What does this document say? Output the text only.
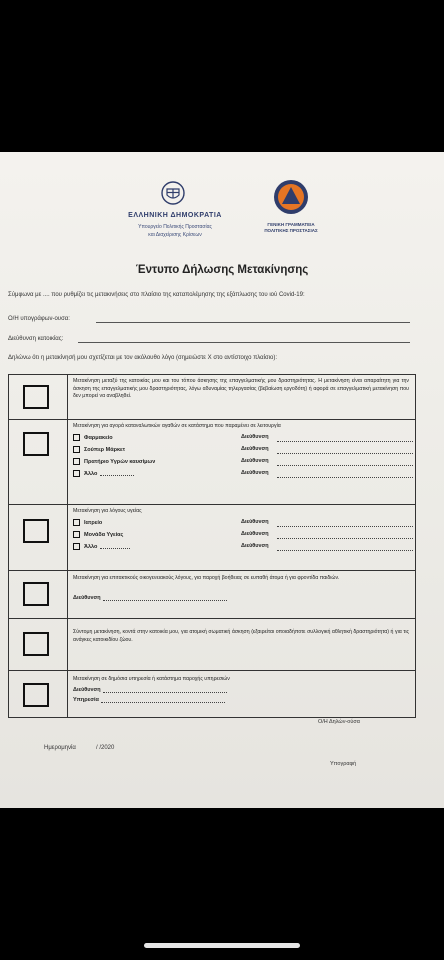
ΕΛΛΗΝΙΚΗ ΔΗΜΟΚΡΑΤΙΑ
Υπουργείο Πολιτικής Προστασίας
και Διαχείρισης Κρίσεων
ΓΕΝΙΚΗ ΓΡΑΜΜΑΤΕΙΑ
ΠΟΛΙΤΙΚΗΣ ΠΡΟΣΤΑΣΙΑΣ
Έντυπο Δήλωσης Μετακίνησης
Σύμφωνα με .... που ρυθμίζει τις μετακινήσεις στο πλαίσιο της καταπολέμησης της εξάπλωσης του ιού Covid-19:
Ο/Η υπογράφων-ουσα:
Διεύθυνση κατοικίας:
Δηλώνω ότι η μετακίνησή μου σχετίζεται με τον ακόλουθο λόγο (σημειώστε Χ στο αντίστοιχο πλαίσιο):
Μετακίνηση μεταξύ της κατοικίας μου και του τόπου άσκησης της επαγγελματικής μου δραστηριότητας. Η μετακίνηση είναι απαραίτητη για την άσκηση της επαγγελματικής μου δραστηριότητας, λόγω αδυναμίας τηλεργασίας (βεβαίωση εργοδότη) ή αφορά σε επαγγελματική μετακίνηση που δεν μπορεί να αναβληθεί.
Μετακίνηση για αγορά καταναλωτικών αγαθών σε κατάστημα που παραμένει σε λειτουργία
Φαρμακείο	Διεύθυνση
Σούπερ Μάρκετ	Διεύθυνση
Πρατήριο Υγρών καυσίμων	Διεύθυνση
Άλλο	Διεύθυνση
Μετακίνηση για λόγους υγείας
Ιατρείο	Διεύθυνση
Μονάδα Υγείας	Διεύθυνση
Άλλο	Διεύθυνση
Μετακίνηση για επιτακτικούς οικογενειακούς λόγους, για παροχή βοήθειας σε ευπαθή άτομα ή για φροντίδα παιδιών.
Διεύθυνση
Σύντομη μετακίνηση, κοντά στην κατοικία μου, για ατομική σωματική άσκηση (εξαιρείται οποιαδήποτε συλλογική αθλητική δραστηριότητα) ή για τις ανάγκες κατοικιδίου ζώου.
Μετακίνηση σε δημόσια υπηρεσία ή κατάστημα παροχής υπηρεσιών
Διεύθυνση
Υπηρεσία
Ο/Η Δηλών-ούσα
Ημερομηνία	/ /2020
Υπογραφή
